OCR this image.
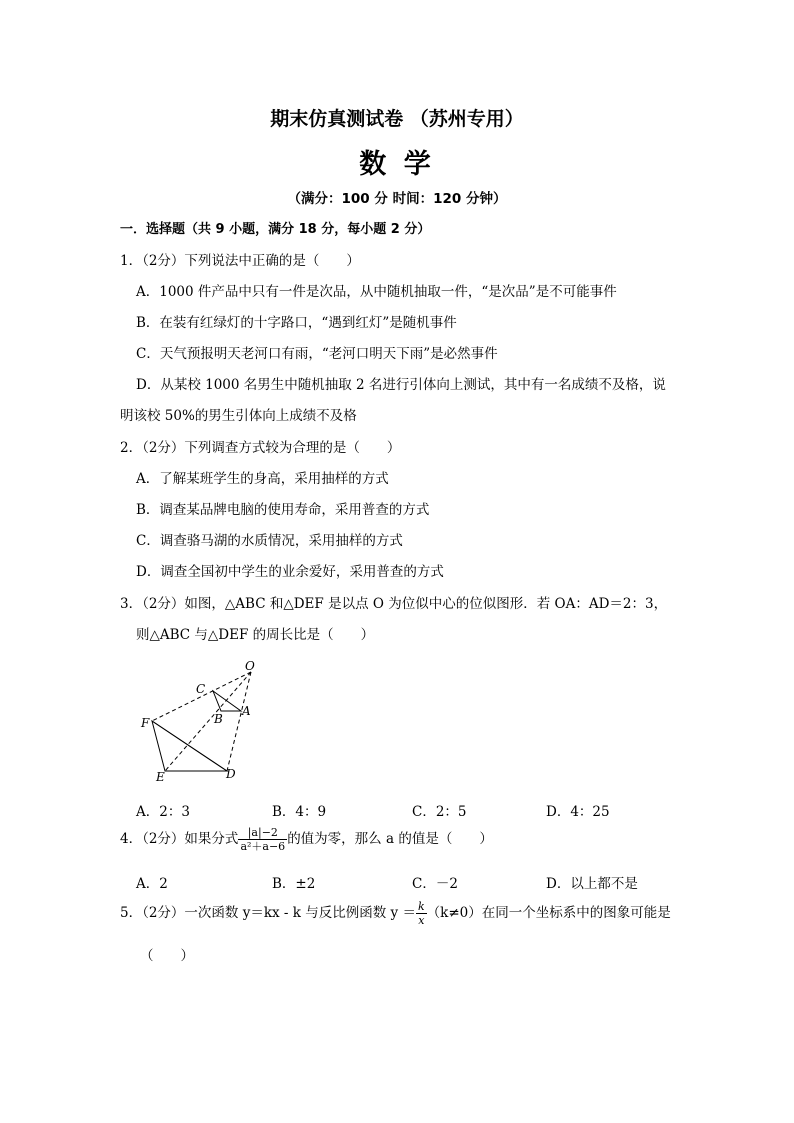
期末仿真测试卷 （苏州专用）
数 学
（满分：100 分 时间：120 分钟）
一．选择题（共 9 小题，满分 18 分，每小题 2 分）
1．（2分）下列说法中正确的是（　　）
A．1000 件产品中只有一件是次品，从中随机抽取一件，“是次品”是不可能事件
B．在装有红绿灯的十字路口，“遇到红灯”是随机事件
C．天气预报明天老河口有雨，“老河口明天下雨”是必然事件
D．从某校 1000 名男生中随机抽取 2 名进行引体向上测试，其中有一名成绩不及格，说
明该校 50%的男生引体向上成绩不及格
2．（2分）下列调查方式较为合理的是（　　）
A．了解某班学生的身高，采用抽样的方式
B．调查某品牌电脑的使用寿命，采用普查的方式
C．调查骆马湖的水质情况，采用抽样的方式
D．调查全国初中学生的业余爱好，采用普查的方式
3．（2分）如图，△ABC 和△DEF 是以点 O 为位似中心的位似图形．若 OA：AD＝2：3，
则△ABC 与△DEF 的周长比是（　　）
O
C
A
B
F
E	D
A．2：3	B．4：9	C．2：5	D．4：25
4．（2分）如果分式 $\frac{|a|-2}{\text{a²＋a−6}}$ 的值为零，那么 a 的值是（　　）
A．2	B．±2	C．－2	D．以上都不是
5．（2分）一次函数 y＝kx - k 与反比例函数 $y = \frac{k}{x} (k\ne 0)$在同一个坐标系中的图象可能是
（　　）
